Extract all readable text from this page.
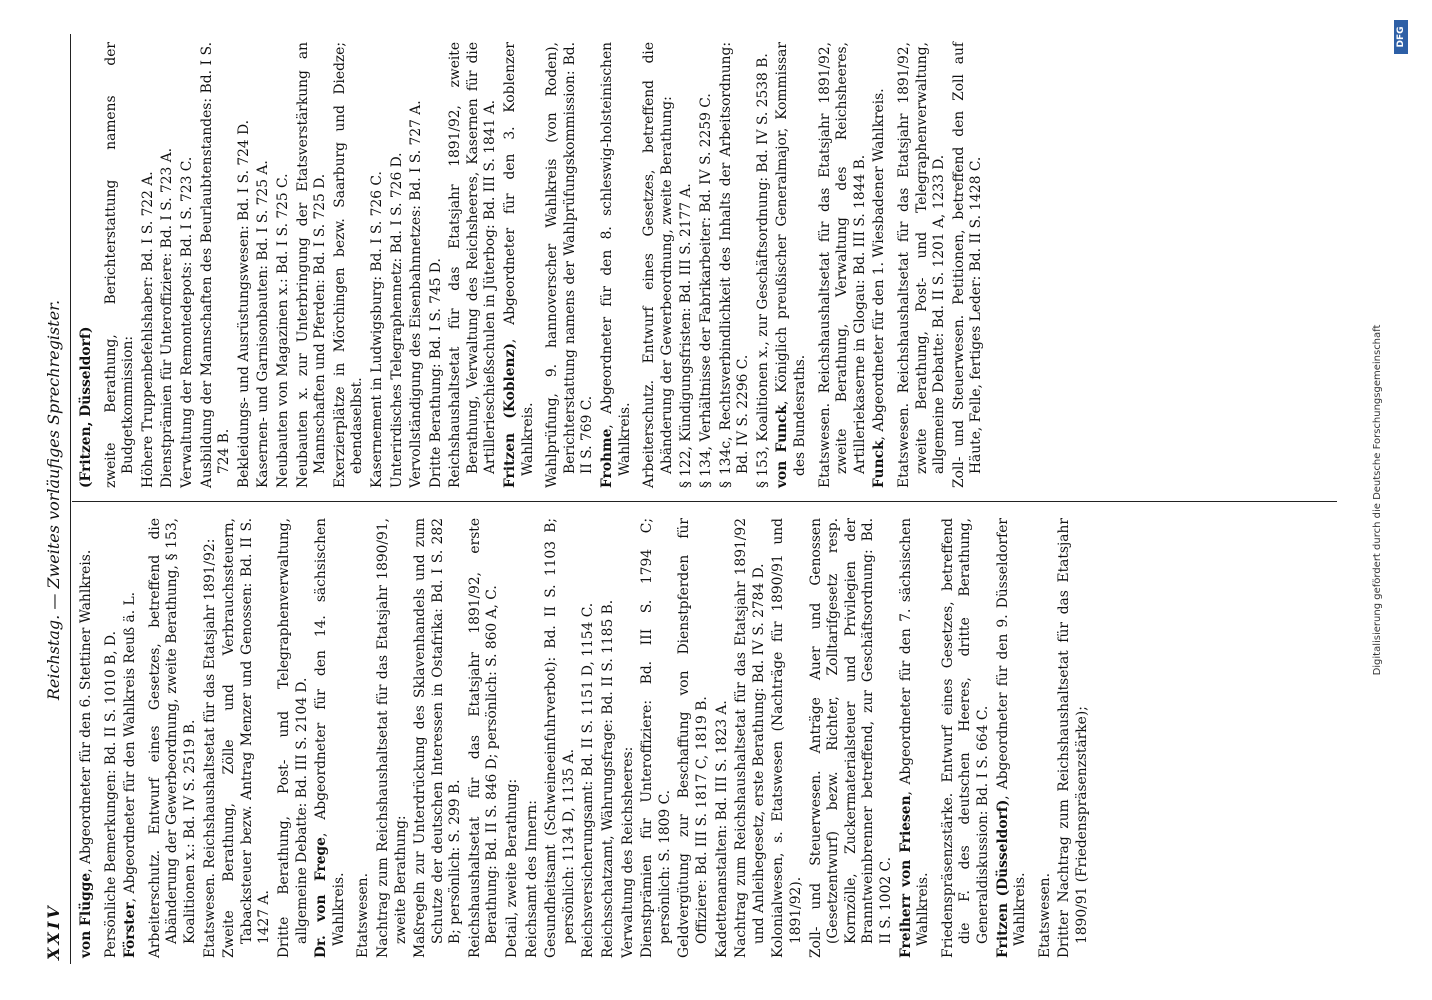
XXIV
Reichstag. — Zweites vorläufiges Sprechregister.
von Flügge, Abgeordneter für den 6. Stettiner Wahlkreis. Persönliche Bemerkungen: Bd. II S. 1010 B, D. Förster, Abgeordneter für den Wahlkreis Reuß ä. L. Arbeiterschutz. Entwurf eines Gesetzes, betreffend die Abänderung der Gewerbeordnung, zweite Berathung, § 153, Koalitionen x.: Bd. IV S. 2519 B. Etatswesen. Reichshaushaltsetat für das Etatsjahr 1891/92: Zweite Berathung, Zölle und Verbrauchssteuern, Tabacksteuer bezw. Antrag Menzer und Genossen: Bd. II S. 1427 A. Dritte Berathung, Post- und Telegraphenverwaltung, allgemeine Debatte: Bd. III S. 2104 D. Dr. von Frege, Abgeordneter für den 14. sächsischen Wahlkreis. Etatswesen. Nachtrag zum Reichshaushaltsetat für das Etatsjahr 1890/91, zweite Berathung: Maßregeln zur Unterdrückung des Sklavenhandels und zum Schutze der deutschen Interessen in Ostafrika: Bd. I S. 282 B; persönlich: S. 299 B. Reichshaushaltsetat für das Etatsjahr 1891/92, erste Berathung: Bd. II S. 846 D; persönlich: S. 860 A, C. Detail, zweite Berathung: Reichsamt des Innern: Gesundheitsamt (Schweineeinfuhrverbot): Bd. II S. 1103 B; persönlich: 1134 D, 1135 A. Reichsversicherungsamt: Bd. II S. 1151 D, 1154 C. Reichsschatzamt, Währungsfrage: Bd. II S. 1185 B. Verwaltung des Reichsheeres: Dienstprämien für Unteroffiziere: Bd. III S. 1794 C; persönlich: S. 1809 C. Geldvergütung zur Beschaffung von Dienstpferden für Offiziere: Bd. III S. 1817 C, 1819 B. Kadettenanstalten: Bd. III S. 1823 A. Nachtrag zum Reichshaushaltsetat für das Etatsjahr 1891/92 und Anleihegesetz, erste Berathung: Bd. IV S. 2784 D. Kolonialwesen, s. Etatswesen (Nachträge für 1890/91 und 1891/92). Zoll- und Steuerwesen. Anträge Auer und Genossen (Gesetzentwurf) bezw. Richter, Zolltarifgesetz resp. Kornzölle, Zuckermaterialsteuer und Privilegien der Branntweinbrenner betreffend, zur Geschäftsordnung: Bd. II S. 1002 C. Freiherr von Friesen, Abgeordneter für den 7. sächsischen Wahlkreis. Friedenspräsenzstärke. Entwurf eines Gesetzes, betreffend die F. des deutschen Heeres, dritte Berathung, Generaldiskussion: Bd. I S. 664 C. Fritzen (Düsseldorf), Abgeordneter für den 9. Düsseldorfer Wahlkreis. Etatswesen. Dritter Nachtrag zum Reichshaushaltsetat für das Etatsjahr 1890/91 (Friedenspräsenzstärke);
(Fritzen, Düsseldorf) zweite Berathung, Berichterstattung namens der Budgetkommission: Höhere Truppenbefehlshaber: Bd. I S. 722 A. Dienstprämien für Unteroffiziere: Bd. I S. 723 A. Verwaltung der Remontedepots: Bd. I S. 723 C. Ausbildung der Mannschaften des Beurlaubtenstandes: Bd. I S. 724 B. Bekleidungs- und Ausrüstungswesen: Bd. I S. 724 D. Kasernen- und Garnisonbauten: Bd. I S. 725 A. Neubauten von Magazinen x.: Bd. I S. 725 C. Neubauten x. zur Unterbringung der Etatsverstärkung an Mannschaften und Pferden: Bd. I S. 725 D. Exerzierplätze in Mörchingen bezw. Saarburg und Diedze; ebendaselbst. Kasernement in Ludwigsburg: Bd. I S. 726 C. Unterirdisches Telegraphennetz: Bd. I S. 726 D. Vervollständigung des Eisenbahnnetzes: Bd. I S. 727 A. Dritte Berathung: Bd. I S. 745 D. Reichshaushaltsetat für das Etatsjahr 1891/92, zweite Berathung, Verwaltung des Reichsheeres, Kasernen für die Artillerieschießschulen in Jüterbog: Bd. III S. 1841 A. Fritzen (Koblenz), Abgeordneter für den 3. Koblenzer Wahlkreis. Wahlprüfung, 9. hannoverscher Wahlkreis (von Roden), Berichterstattung namens der Wahlprüfungskommission: Bd. II S. 769 C. Frohme, Abgeordneter für den 8. schleswig-holsteinischen Wahlkreis. Arbeiterschutz. Entwurf eines Gesetzes, betreffend die Abänderung der Gewerbeordnung, zweite Berathung: § 122, Kündigungsfristen: Bd. III S. 2177 A. § 134, Verhältnisse der Fabrikarbeiter: Bd. IV S. 2259 C. § 134c, Rechtsverbindlichkeit des Inhalts der Arbeitsordnung: Bd. IV S. 2296 C. § 153, Koalitionen x., zur Geschäftsordnung: Bd. IV S. 2538 B. von Funck, Königlich preußischer Generalmajor, Kommissar des Bundesraths. Etatswesen. Reichshaushaltsetat für das Etatsjahr 1891/92, zweite Berathung, Verwaltung des Reichsheeres, Artilleriekaserne in Glogau: Bd. III S. 1844 B. Funck, Abgeordneter für den 1. Wiesbadener Wahlkreis. Etatswesen. Reichshaushaltsetat für das Etatsjahr 1891/92, zweite Berathung, Post- und Telegraphenverwaltung, allgemeine Debatte: Bd. II S. 1201 A, 1233 D. Zoll- und Steuerwesen. Petitionen, betreffend den Zoll auf Häute, Felle, fertiges Leder: Bd. II S. 1428 C.
Digitalisierung gefördert durch die Deutsche Forschungsgemeinschaft
DFG
